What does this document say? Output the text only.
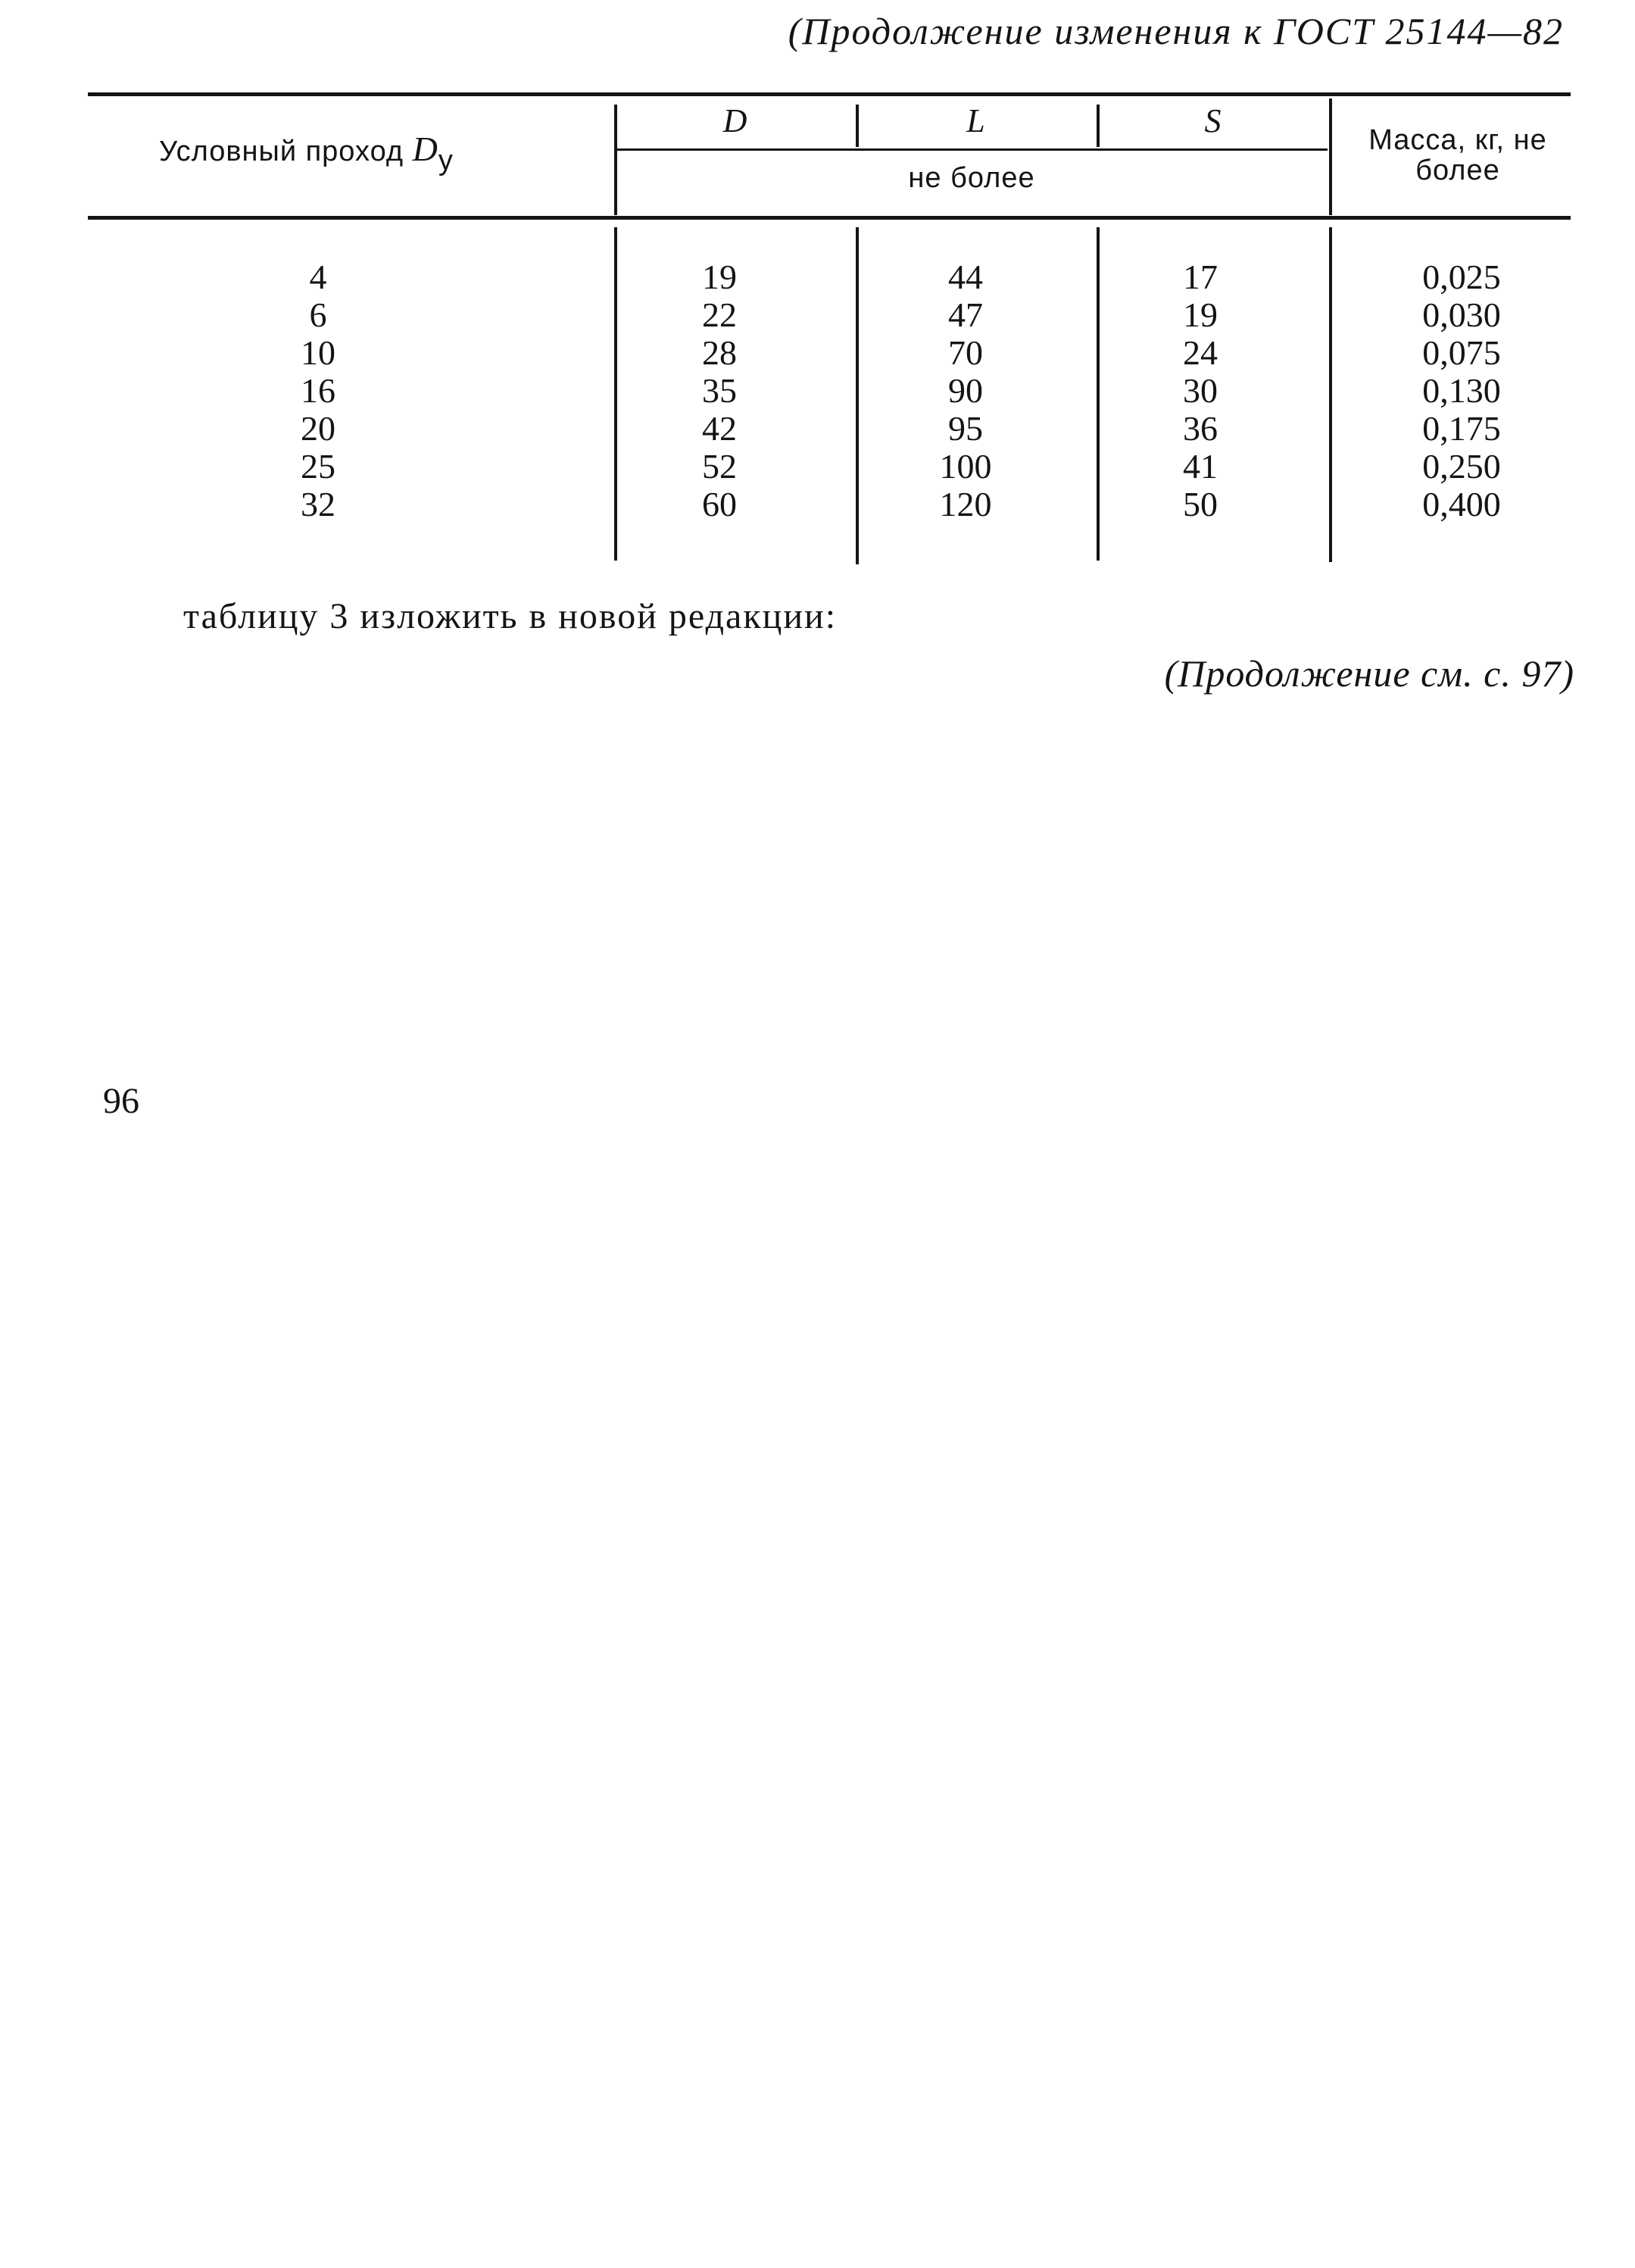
(Продолжение изменения к ГОСТ 25144—82
Условный проход Dу
D	L	S
не более
Масса, кг, не более
4
6
10
16
20
25
32
19
22
28
35
42
52
60
44
47
70
90
95
100
120
17
19
24
30
36
41
50
0,025
0,030
0,075
0,130
0,175
0,250
0,400
таблицу 3 изложить в новой редакции:
(Продолжение см. с. 97)
96
